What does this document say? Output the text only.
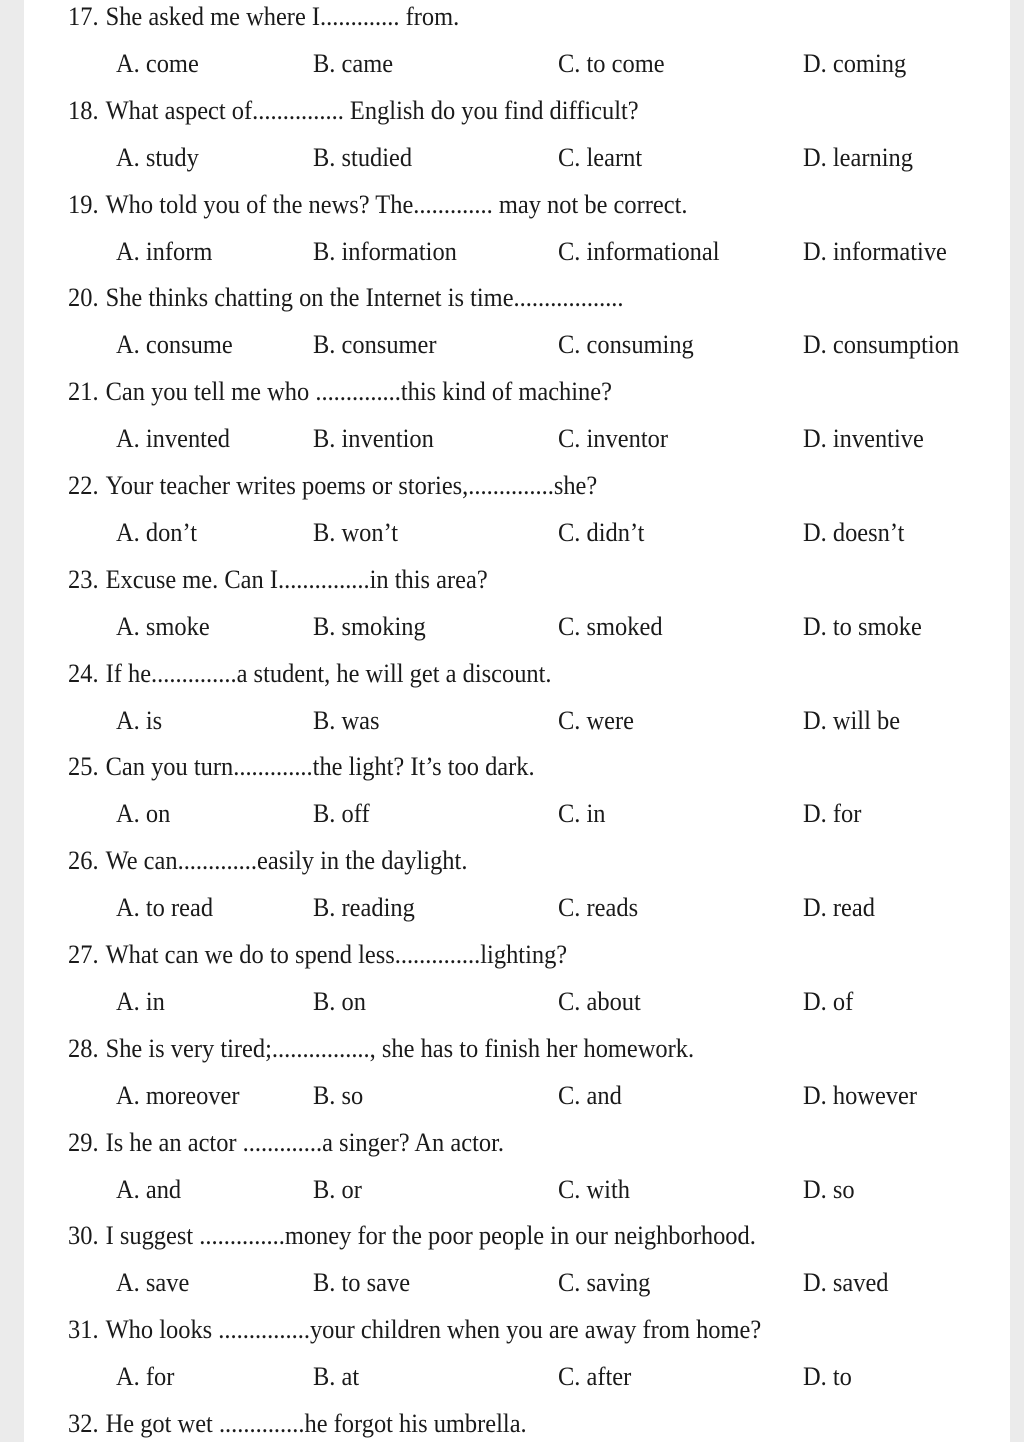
17. She asked me where I............. from.
A. come	B. came	C. to come	D. coming
18. What aspect of............... English do you find difficult?
A. study	B. studied	C. learnt	D. learning
19. Who told you of the news? The............. may not be correct.
A. inform	B. information	C. informational	D. informative
20. She thinks chatting on the Internet is time..................
A. consume	B. consumer	C. consuming	D. consumption
21. Can you tell me who ..............this kind of machine?
A. invented	B. invention	C. inventor	D. inventive
22. Your teacher writes poems or stories,..............she?
A. don’t	B. won’t	C. didn’t	D. doesn’t
23. Excuse me. Can I...............in this area?
A. smoke	B. smoking	C. smoked	D. to smoke
24. If he..............a student, he will get a discount.
A. is	B. was	C. were	D. will be
25. Can you turn.............the light? It’s too dark.
A. on	B. off	C. in	D. for
26. We can.............easily in the daylight.
A. to read	B. reading	C. reads	D. read
27. What can we do to spend less..............lighting?
A. in	B. on	C. about	D. of
28. She is very tired;................, she has to finish her homework.
A. moreover	B. so	C. and	D. however
29. Is he an actor .............a singer? An actor.
A. and	B. or	C. with	D. so
30. I suggest ..............money for the poor people in our neighborhood.
A. save	B. to save	C. saving	D. saved
31. Who looks ...............your children when you are away from home?
A. for	B. at	C. after	D. to
32. He got wet ..............he forgot his umbrella.
